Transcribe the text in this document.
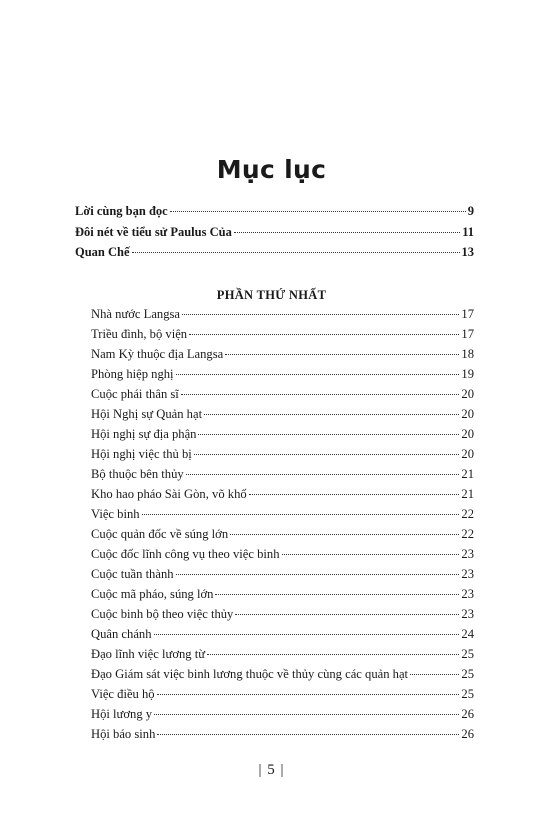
Mục lục
Lời cùng bạn đọc	9
Đôi nét về tiểu sử Paulus Của	11
Quan Chế	13
PHẦN THỨ NHẤT
Nhà nước Langsa	17
Triều đình, bộ viện	17
Nam Kỳ thuộc địa Langsa	18
Phòng hiệp nghị	19
Cuộc phái thân sĩ	20
Hội Nghị sự Quản hạt	20
Hội nghị sự địa phận	20
Hội nghị việc thủ bị	20
Bộ thuộc bên thủy	21
Kho hao pháo Sài Gòn, võ khố	21
Việc binh	22
Cuộc quản đốc về súng lớn	22
Cuộc đốc lĩnh công vụ theo việc binh	23
Cuộc tuần thành	23
Cuộc mã pháo, súng lớn	23
Cuộc binh bộ theo việc thủy	23
Quân chánh	24
Đạo lĩnh việc lương từ	25
Đạo Giám sát việc binh lương thuộc về thủy cùng các quản hạt	25
Việc điều hộ	25
Hội lương y	26
Hội báo sinh	26
| 5 |
